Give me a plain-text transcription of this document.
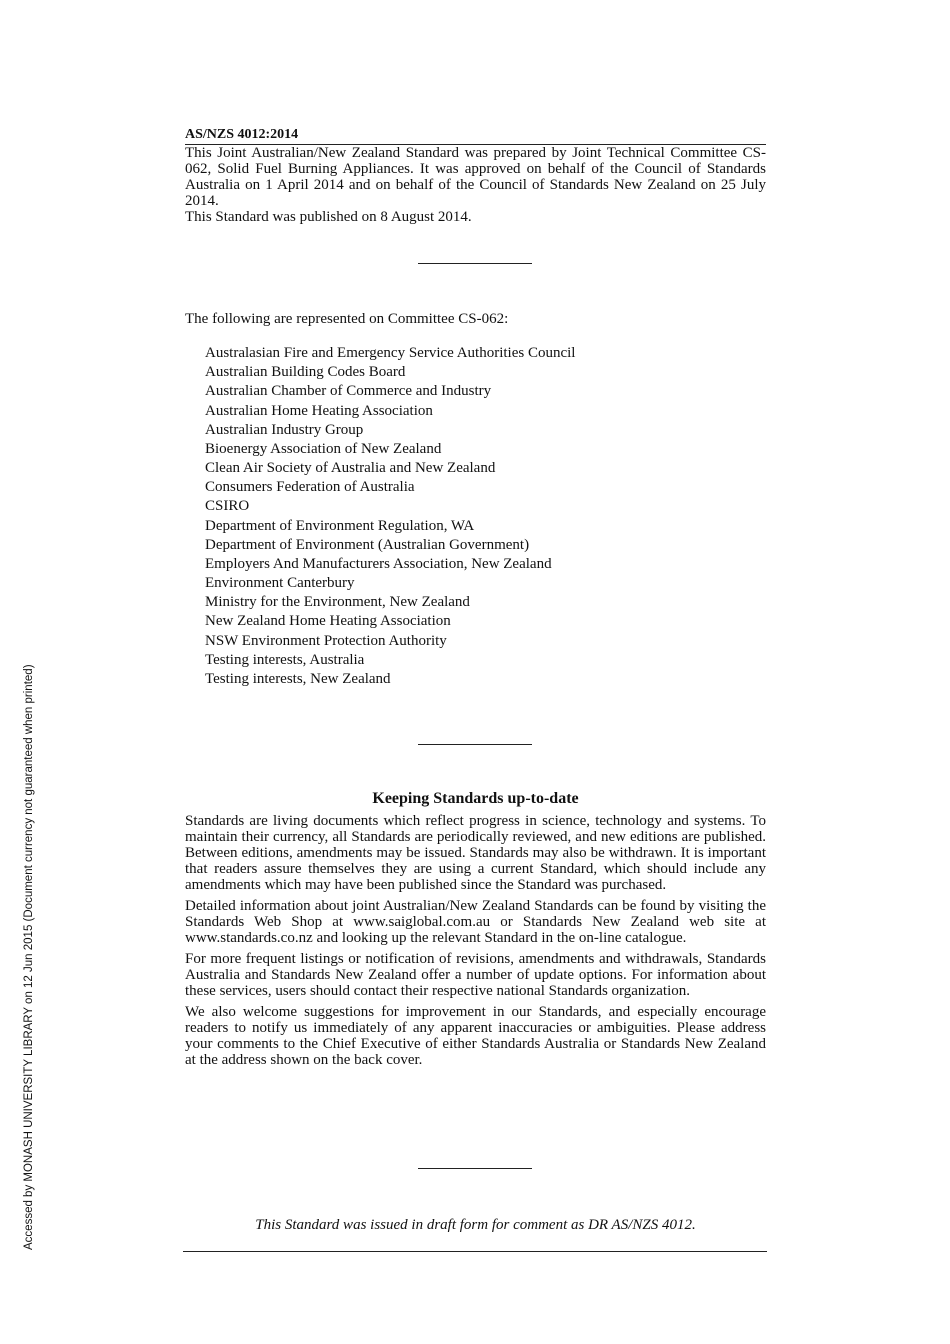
AS/NZS 4012:2014
This Joint Australian/New Zealand Standard was prepared by Joint Technical Committee CS-062, Solid Fuel Burning Appliances. It was approved on behalf of the Council of Standards Australia on 1 April 2014 and on behalf of the Council of Standards New Zealand on 25 July 2014.
This Standard was published on 8 August 2014.
The following are represented on Committee CS-062:
Australasian Fire and Emergency Service Authorities Council
Australian Building Codes Board
Australian Chamber of Commerce and Industry
Australian Home Heating Association
Australian Industry Group
Bioenergy Association of New Zealand
Clean Air Society of Australia and New Zealand
Consumers Federation of Australia
CSIRO
Department of Environment Regulation, WA
Department of Environment (Australian Government)
Employers And Manufacturers Association, New Zealand
Environment Canterbury
Ministry for the Environment, New Zealand
New Zealand Home Heating Association
NSW Environment Protection Authority
Testing interests, Australia
Testing interests, New Zealand
Keeping Standards up-to-date

Standards are living documents which reflect progress in science, technology and systems. To maintain their currency, all Standards are periodically reviewed, and new editions are published. Between editions, amendments may be issued. Standards may also be withdrawn. It is important that readers assure themselves they are using a current Standard, which should include any amendments which may have been published since the Standard was purchased.

Detailed information about joint Australian/New Zealand Standards can be found by visiting the Standards Web Shop at www.saiglobal.com.au or Standards New Zealand web site at www.standards.co.nz and looking up the relevant Standard in the on-line catalogue.

For more frequent listings or notification of revisions, amendments and withdrawals, Standards Australia and Standards New Zealand offer a number of update options. For information about these services, users should contact their respective national Standards organization.

We also welcome suggestions for improvement in our Standards, and especially encourage readers to notify us immediately of any apparent inaccuracies or ambiguities. Please address your comments to the Chief Executive of either Standards Australia or Standards New Zealand at the address shown on the back cover.

This Standard was issued in draft form for comment as DR AS/NZS 4012.
Accessed by MONASH UNIVERSITY LIBRARY on 12 Jun 2015 (Document currency not guaranteed when printed)
